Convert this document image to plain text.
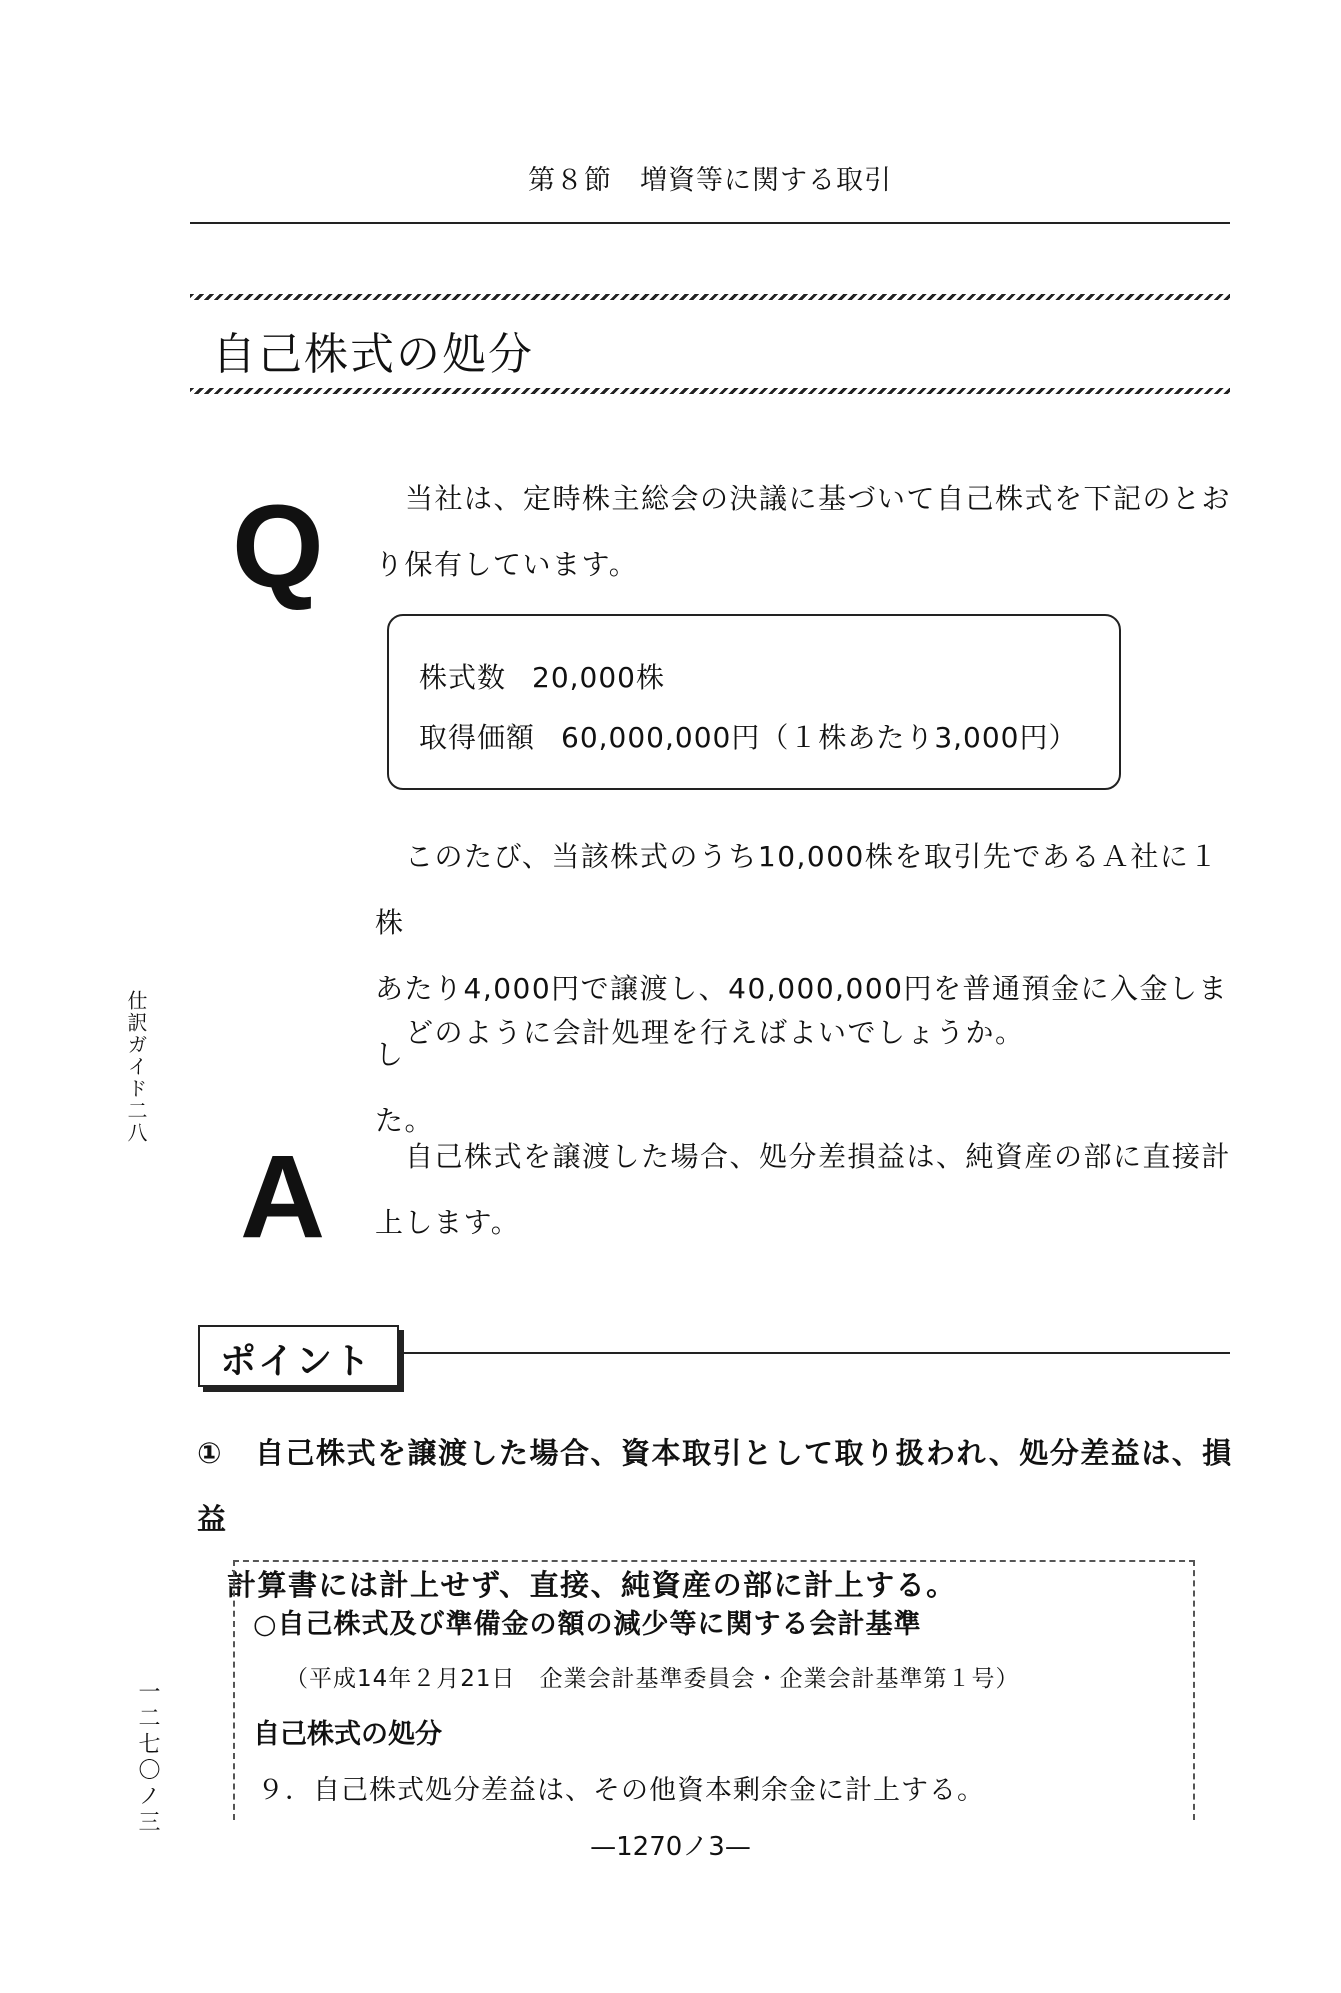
第８節　増資等に関する取引
自己株式の処分
Q	当社は、定時株主総会の決議に基づいて自己株式を下記のとお
り保有しています。
株式数 20,000株
取得価額 60,000,000円（１株あたり3,000円）
このたび、当該株式のうち10,000株を取引先であるＡ社に１株
あたり4,000円で譲渡し、40,000,000円を普通預金に入金しまし
た。
どのように会計処理を行えばよいでしょうか。
A	自己株式を譲渡した場合、処分差損益は、純資産の部に直接計
上します。
ポイント
① 自己株式を譲渡した場合、資本取引として取り扱われ、処分差益は、損益
計算書には計上せず、直接、純資産の部に計上する。
○自己株式及び準備金の額の減少等に関する会計基準
（平成14年２月21日　企業会計基準委員会・企業会計基準第１号）
自己株式の処分
９．自己株式処分差益は、その他資本剰余金に計上する。
仕訳ガイド二八
一二七〇ノ三
—1270ノ3—
